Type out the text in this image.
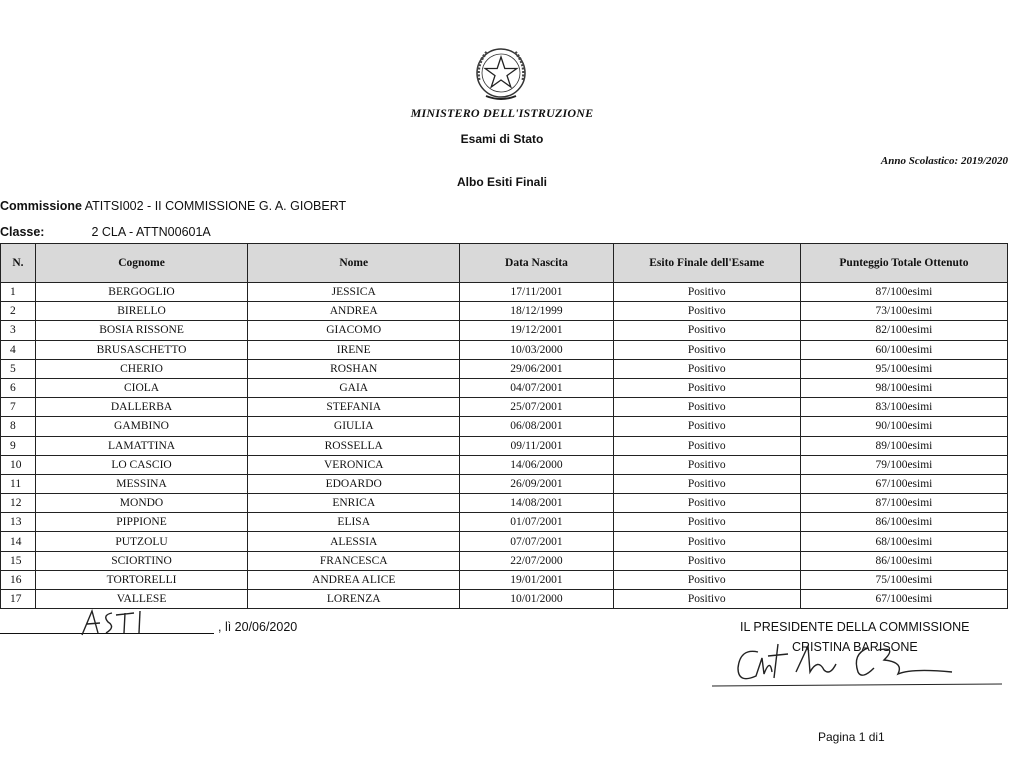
MINISTERO DELL'ISTRUZIONE
Esami di Stato
Anno Scolastico: 2019/2020
Albo Esiti Finali
Commissione ATITSI002 - II COMMISSIONE G. A. GIOBERT
Classe:	2 CLA - ATTN00601A
N.	Cognome	Nome	Data Nascita	Esito Finale dell'Esame	Punteggio Totale Ottenuto
1	BERGOGLIO	JESSICA	17/11/2001	Positivo	87/100esimi
2	BIRELLO	ANDREA	18/12/1999	Positivo	73/100esimi
3	BOSIA RISSONE	GIACOMO	19/12/2001	Positivo	82/100esimi
4	BRUSASCHETTO	IRENE	10/03/2000	Positivo	60/100esimi
5	CHERIO	ROSHAN	29/06/2001	Positivo	95/100esimi
6	CIOLA	GAIA	04/07/2001	Positivo	98/100esimi
7	DALLERBA	STEFANIA	25/07/2001	Positivo	83/100esimi
8	GAMBINO	GIULIA	06/08/2001	Positivo	90/100esimi
9	LAMATTINA	ROSSELLA	09/11/2001	Positivo	89/100esimi
10	LO CASCIO	VERONICA	14/06/2000	Positivo	79/100esimi
11	MESSINA	EDOARDO	26/09/2001	Positivo	67/100esimi
12	MONDO	ENRICA	14/08/2001	Positivo	87/100esimi
13	PIPPIONE	ELISA	01/07/2001	Positivo	86/100esimi
14	PUTZOLU	ALESSIA	07/07/2001	Positivo	68/100esimi
15	SCIORTINO	FRANCESCA	22/07/2000	Positivo	86/100esimi
16	TORTORELLI	ANDREA ALICE	19/01/2001	Positivo	75/100esimi
17	VALLESE	LORENZA	10/01/2000	Positivo	67/100esimi
, lì 20/06/2020	IL PRESIDENTE DELLA COMMISSIONE
CRISTINA BARISONE
Pagina 1 di1
